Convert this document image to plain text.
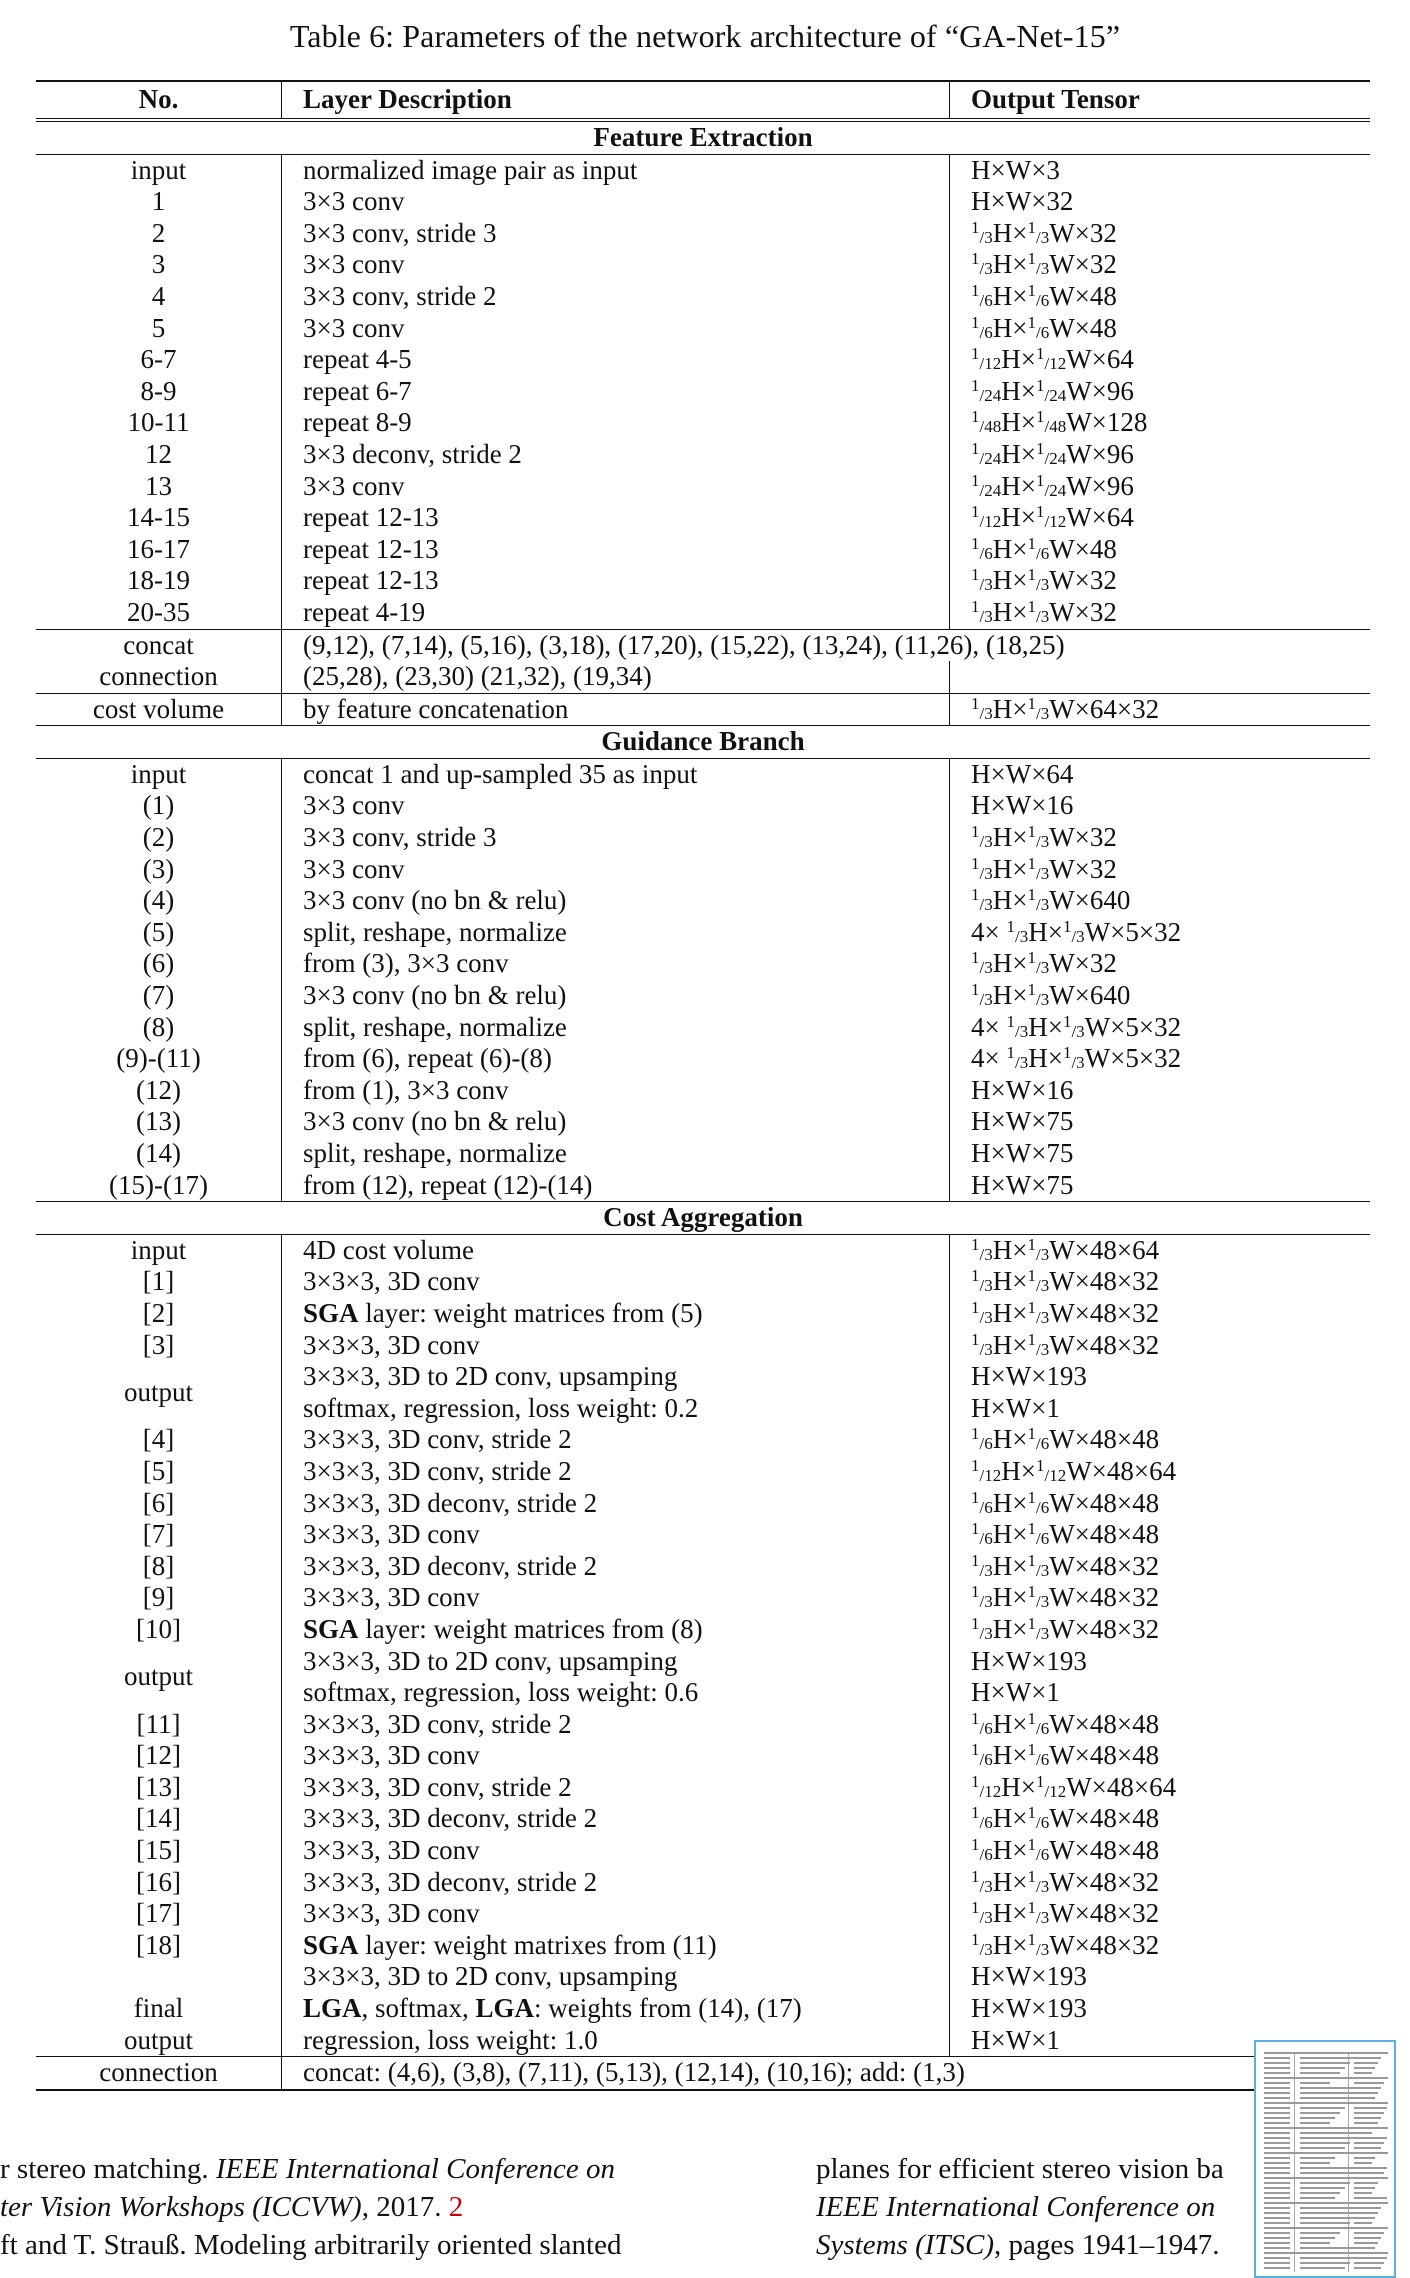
Table 6: Parameters of the network architecture of “GA-Net-15”
No.	Layer Description	Output Tensor
Feature Extraction		
input	normalized image pair as input	H×W×3
1	3×3 conv	H×W×32
2	3×3 conv, stride 3	$^1_{/3}$H×$^1_{/3}$W×32
3	3×3 conv	$^1_{/3}$H×$^1_{/3}$W×32
4	3×3 conv, stride 2	$^1_{/6}$H×$^1_{/6}$W×48
5	3×3 conv	$^1_{/6}$H×$^1_{/6}$W×48
6-7	repeat 4-5	$^1_{/12}$H×$^1_{/12}$W×64
8-9	repeat 6-7	$^1_{/24}$H×$^1_{/24}$W×96
10-11	repeat 8-9	$^1_{/48}$H×$^1_{/48}$W×128
12	3×3 deconv, stride 2	$^1_{/24}$H×$^1_{/24}$W×96
13	3×3 conv	$^1_{/24}$H×$^1_{/24}$W×96
14-15	repeat 12-13	$^1_{/12}$H×$^1_{/12}$W×64
16-17	repeat 12-13	$^1_{/6}$H×$^1_{/6}$W×48
18-19	repeat 12-13	$^1_{/3}$H×$^1_{/3}$W×32
20-35	repeat 4-19	$^1_{/3}$H×$^1_{/3}$W×32
concat	(9,12), (7,14), (5,16), (3,18), (17,20), (15,22), (13,24), (11,26), (18,25)	
connection	(25,28), (23,30) (21,32), (19,34)	
cost volume	by feature concatenation	$^1_{/3}$H×$^1_{/3}$W×64×32
Guidance Branch		
input	concat 1 and up-sampled 35 as input	H×W×64
(1)	3×3 conv	H×W×16
(2)	3×3 conv, stride 3	$^1_{/3}$H×$^1_{/3}$W×32
(3)	3×3 conv	$^1_{/3}$H×$^1_{/3}$W×32
(4)	3×3 conv (no bn & relu)	$^1_{/3}$H×$^1_{/3}$W×640
(5)	split, reshape, normalize	4× $^1_{/3}$H×$^1_{/3}$W×5×32
(6)	from (3), 3×3 conv	$^1_{/3}$H×$^1_{/3}$W×32
(7)	3×3 conv (no bn & relu)	$^1_{/3}$H×$^1_{/3}$W×640
(8)	split, reshape, normalize	4× $^1_{/3}$H×$^1_{/3}$W×5×32
(9)-(11)	from (6), repeat (6)-(8)	4× $^1_{/3}$H×$^1_{/3}$W×5×32
(12)	from (1), 3×3 conv	H×W×16
(13)	3×3 conv (no bn & relu)	H×W×75
(14)	split, reshape, normalize	H×W×75
(15)-(17)	from (12), repeat (12)-(14)	H×W×75
Cost Aggregation		
input	4D cost volume	$^1_{/3}$H×$^1_{/3}$W×48×64
[1]	3×3×3, 3D conv	$^1_{/3}$H×$^1_{/3}$W×48×32
[2]	SGA layer: weight matrices from (5)	$^1_{/3}$H×$^1_{/3}$W×48×32
[3]	3×3×3, 3D conv	$^1_{/3}$H×$^1_{/3}$W×48×32
output	3×3×3, 3D to 2D conv, upsamping	H×W×193
	softmax, regression, loss weight: 0.2	H×W×1
[4]	3×3×3, 3D conv, stride 2	$^1_{/6}$H×$^1_{/6}$W×48×48
[5]	3×3×3, 3D conv, stride 2	$^1_{/12}$H×$^1_{/12}$W×48×64
[6]	3×3×3, 3D deconv, stride 2	$^1_{/6}$H×$^1_{/6}$W×48×48
[7]	3×3×3, 3D conv	$^1_{/6}$H×$^1_{/6}$W×48×48
[8]	3×3×3, 3D deconv, stride 2	$^1_{/3}$H×$^1_{/3}$W×48×32
[9]	3×3×3, 3D conv	$^1_{/3}$H×$^1_{/3}$W×48×32
[10]	SGA layer: weight matrices from (8)	$^1_{/3}$H×$^1_{/3}$W×48×32
output	3×3×3, 3D to 2D conv, upsamping	H×W×193
	softmax, regression, loss weight: 0.6	H×W×1
[11]	3×3×3, 3D conv, stride 2	$^1_{/6}$H×$^1_{/6}$W×48×48
[12]	3×3×3, 3D conv	$^1_{/6}$H×$^1_{/6}$W×48×48
[13]	3×3×3, 3D conv, stride 2	$^1_{/12}$H×$^1_{/12}$W×48×64
[14]	3×3×3, 3D deconv, stride 2	$^1_{/6}$H×$^1_{/6}$W×48×48
[15]	3×3×3, 3D conv	$^1_{/6}$H×$^1_{/6}$W×48×48
[16]	3×3×3, 3D deconv, stride 2	$^1_{/3}$H×$^1_{/3}$W×48×32
[17]	3×3×3, 3D conv	$^1_{/3}$H×$^1_{/3}$W×48×32
[18]	SGA layer: weight matrixes from (11)	$^1_{/3}$H×$^1_{/3}$W×48×32
	3×3×3, 3D to 2D conv, upsamping	H×W×193
final	LGA, softmax, LGA: weights from (14), (17)	H×W×193
output	regression, loss weight: 1.0	H×W×1
connection	concat: (4,6), (3,8), (7,11), (5,13), (12,14), (10,16); add: (1,3)	
r stereo matching. IEEE International Conference on
ter Vision Workshops (ICCVW), 2017. 2
ft and T. Strauß. Modeling arbitrarily oriented slanted
planes for efficient stereo vision ba
IEEE International Conference on
Systems (ITSC), pages 1941–1947.
